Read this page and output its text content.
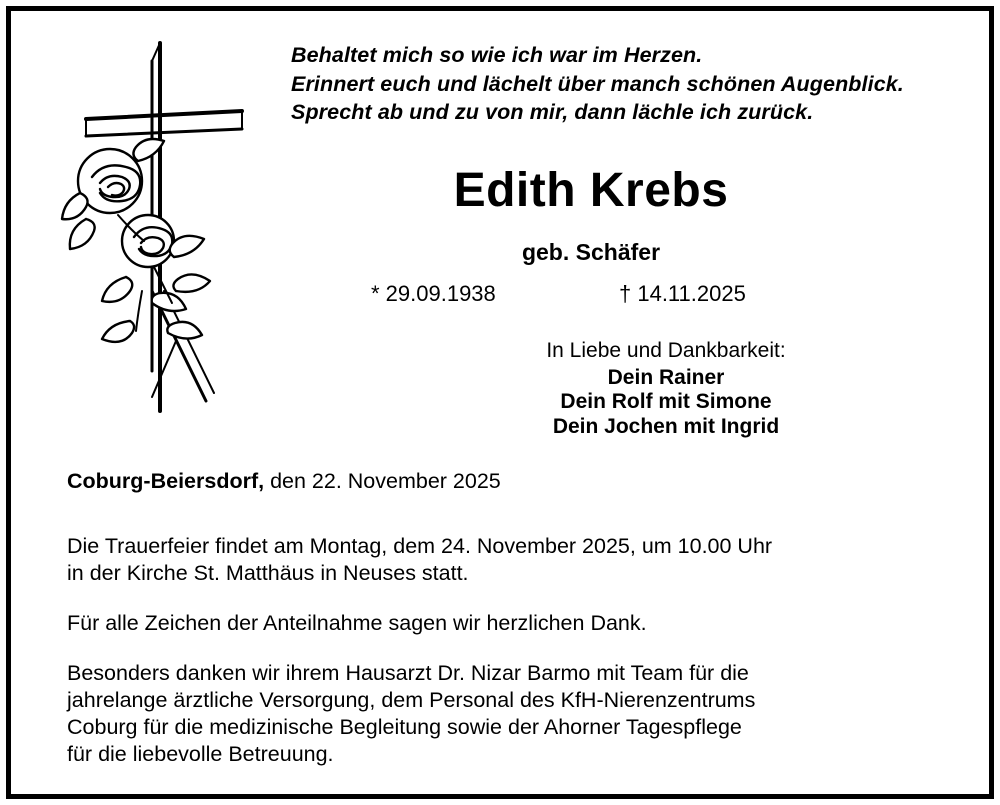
Behaltet mich so wie ich war im Herzen.
Erinnert euch und lächelt über manch schönen Augenblick.
Sprecht ab und zu von mir, dann lächle ich zurück.
Edith Krebs
geb. Schäfer
* 29.09.1938	† 14.11.2025
In Liebe und Dankbarkeit:
Dein Rainer
Dein Rolf mit Simone
Dein Jochen mit Ingrid
Coburg-Beiersdorf, den 22. November 2025

Die Trauerfeier findet am Montag, dem 24. November 2025, um 10.00 Uhr
in der Kirche St. Matthäus in Neuses statt.

Für alle Zeichen der Anteilnahme sagen wir herzlichen Dank.

Besonders danken wir ihrem Hausarzt Dr. Nizar Barmo mit Team für die
jahrelange ärztliche Versorgung, dem Personal des KfH-Nierenzentrums
Coburg für die medizinische Begleitung sowie der Ahorner Tagespflege
für die liebevolle Betreuung.
